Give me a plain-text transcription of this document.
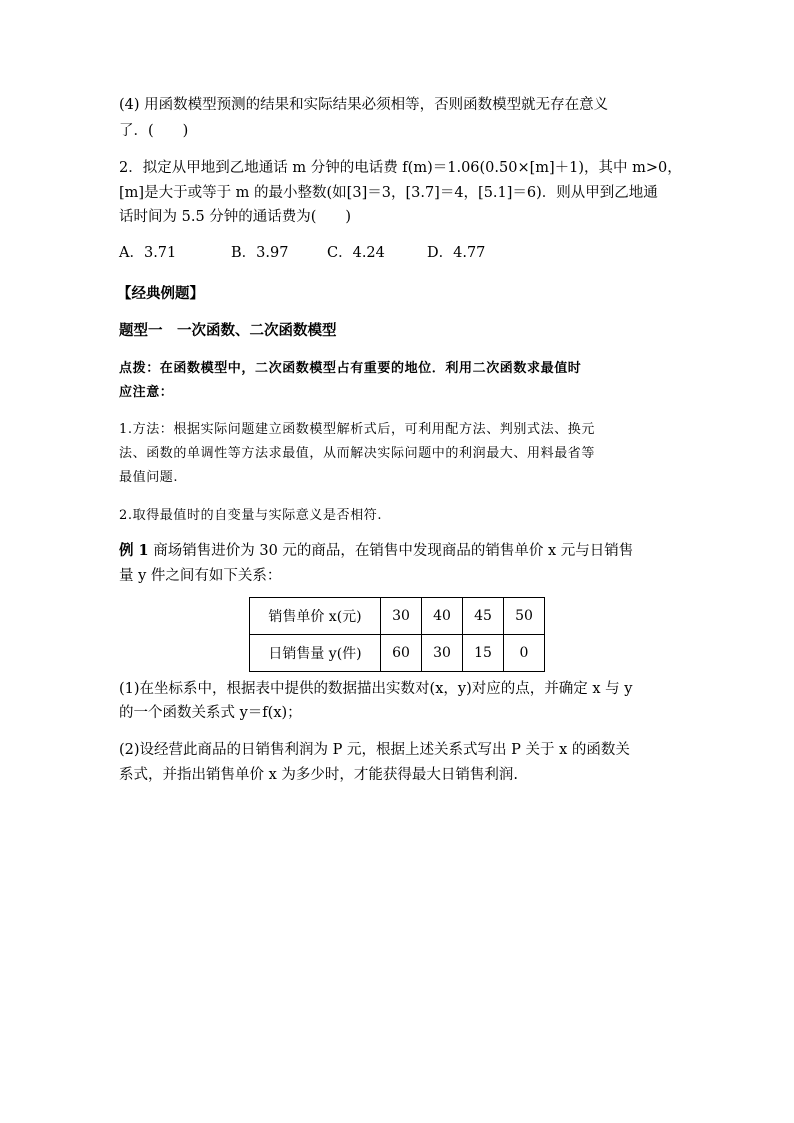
(4) 用函数模型预测的结果和实际结果必须相等，否则函数模型就无存在意义
了．(　　)
2．拟定从甲地到乙地通话 m 分钟的电话费 f(m)＝1.06(0.50×[m]＋1)，其中 m>0，
[m]是大于或等于 m 的最小整数(如[3]＝3，[3.7]＝4，[5.1]＝6)．则从甲到乙地通
话时间为 5.5 分钟的通话费为(　　)
A．3.71	B．3.97	C．4.24	D．4.77
【经典例题】
题型一　一次函数、二次函数模型
点拨：在函数模型中，二次函数模型占有重要的地位．利用二次函数求最值时
应注意：
1.方法：根据实际问题建立函数模型解析式后，可利用配方法、判别式法、换元
法、函数的单调性等方法求最值，从而解决实际问题中的利润最大、用料最省等
最值问题.
2.取得最值时的自变量与实际意义是否相符.
例 1 商场销售进价为 30 元的商品，在销售中发现商品的销售单价 x 元与日销售
量 y 件之间有如下关系：
销售单价 x(元)	30	40	45	50
日销售量 y(件)	60	30	15	0
(1)在坐标系中，根据表中提供的数据描出实数对(x，y)对应的点，并确定 x 与 y
的一个函数关系式 y＝f(x)；
(2)设经营此商品的日销售利润为 P 元，根据上述关系式写出 P 关于 x 的函数关
系式，并指出销售单价 x 为多少时，才能获得最大日销售利润.
